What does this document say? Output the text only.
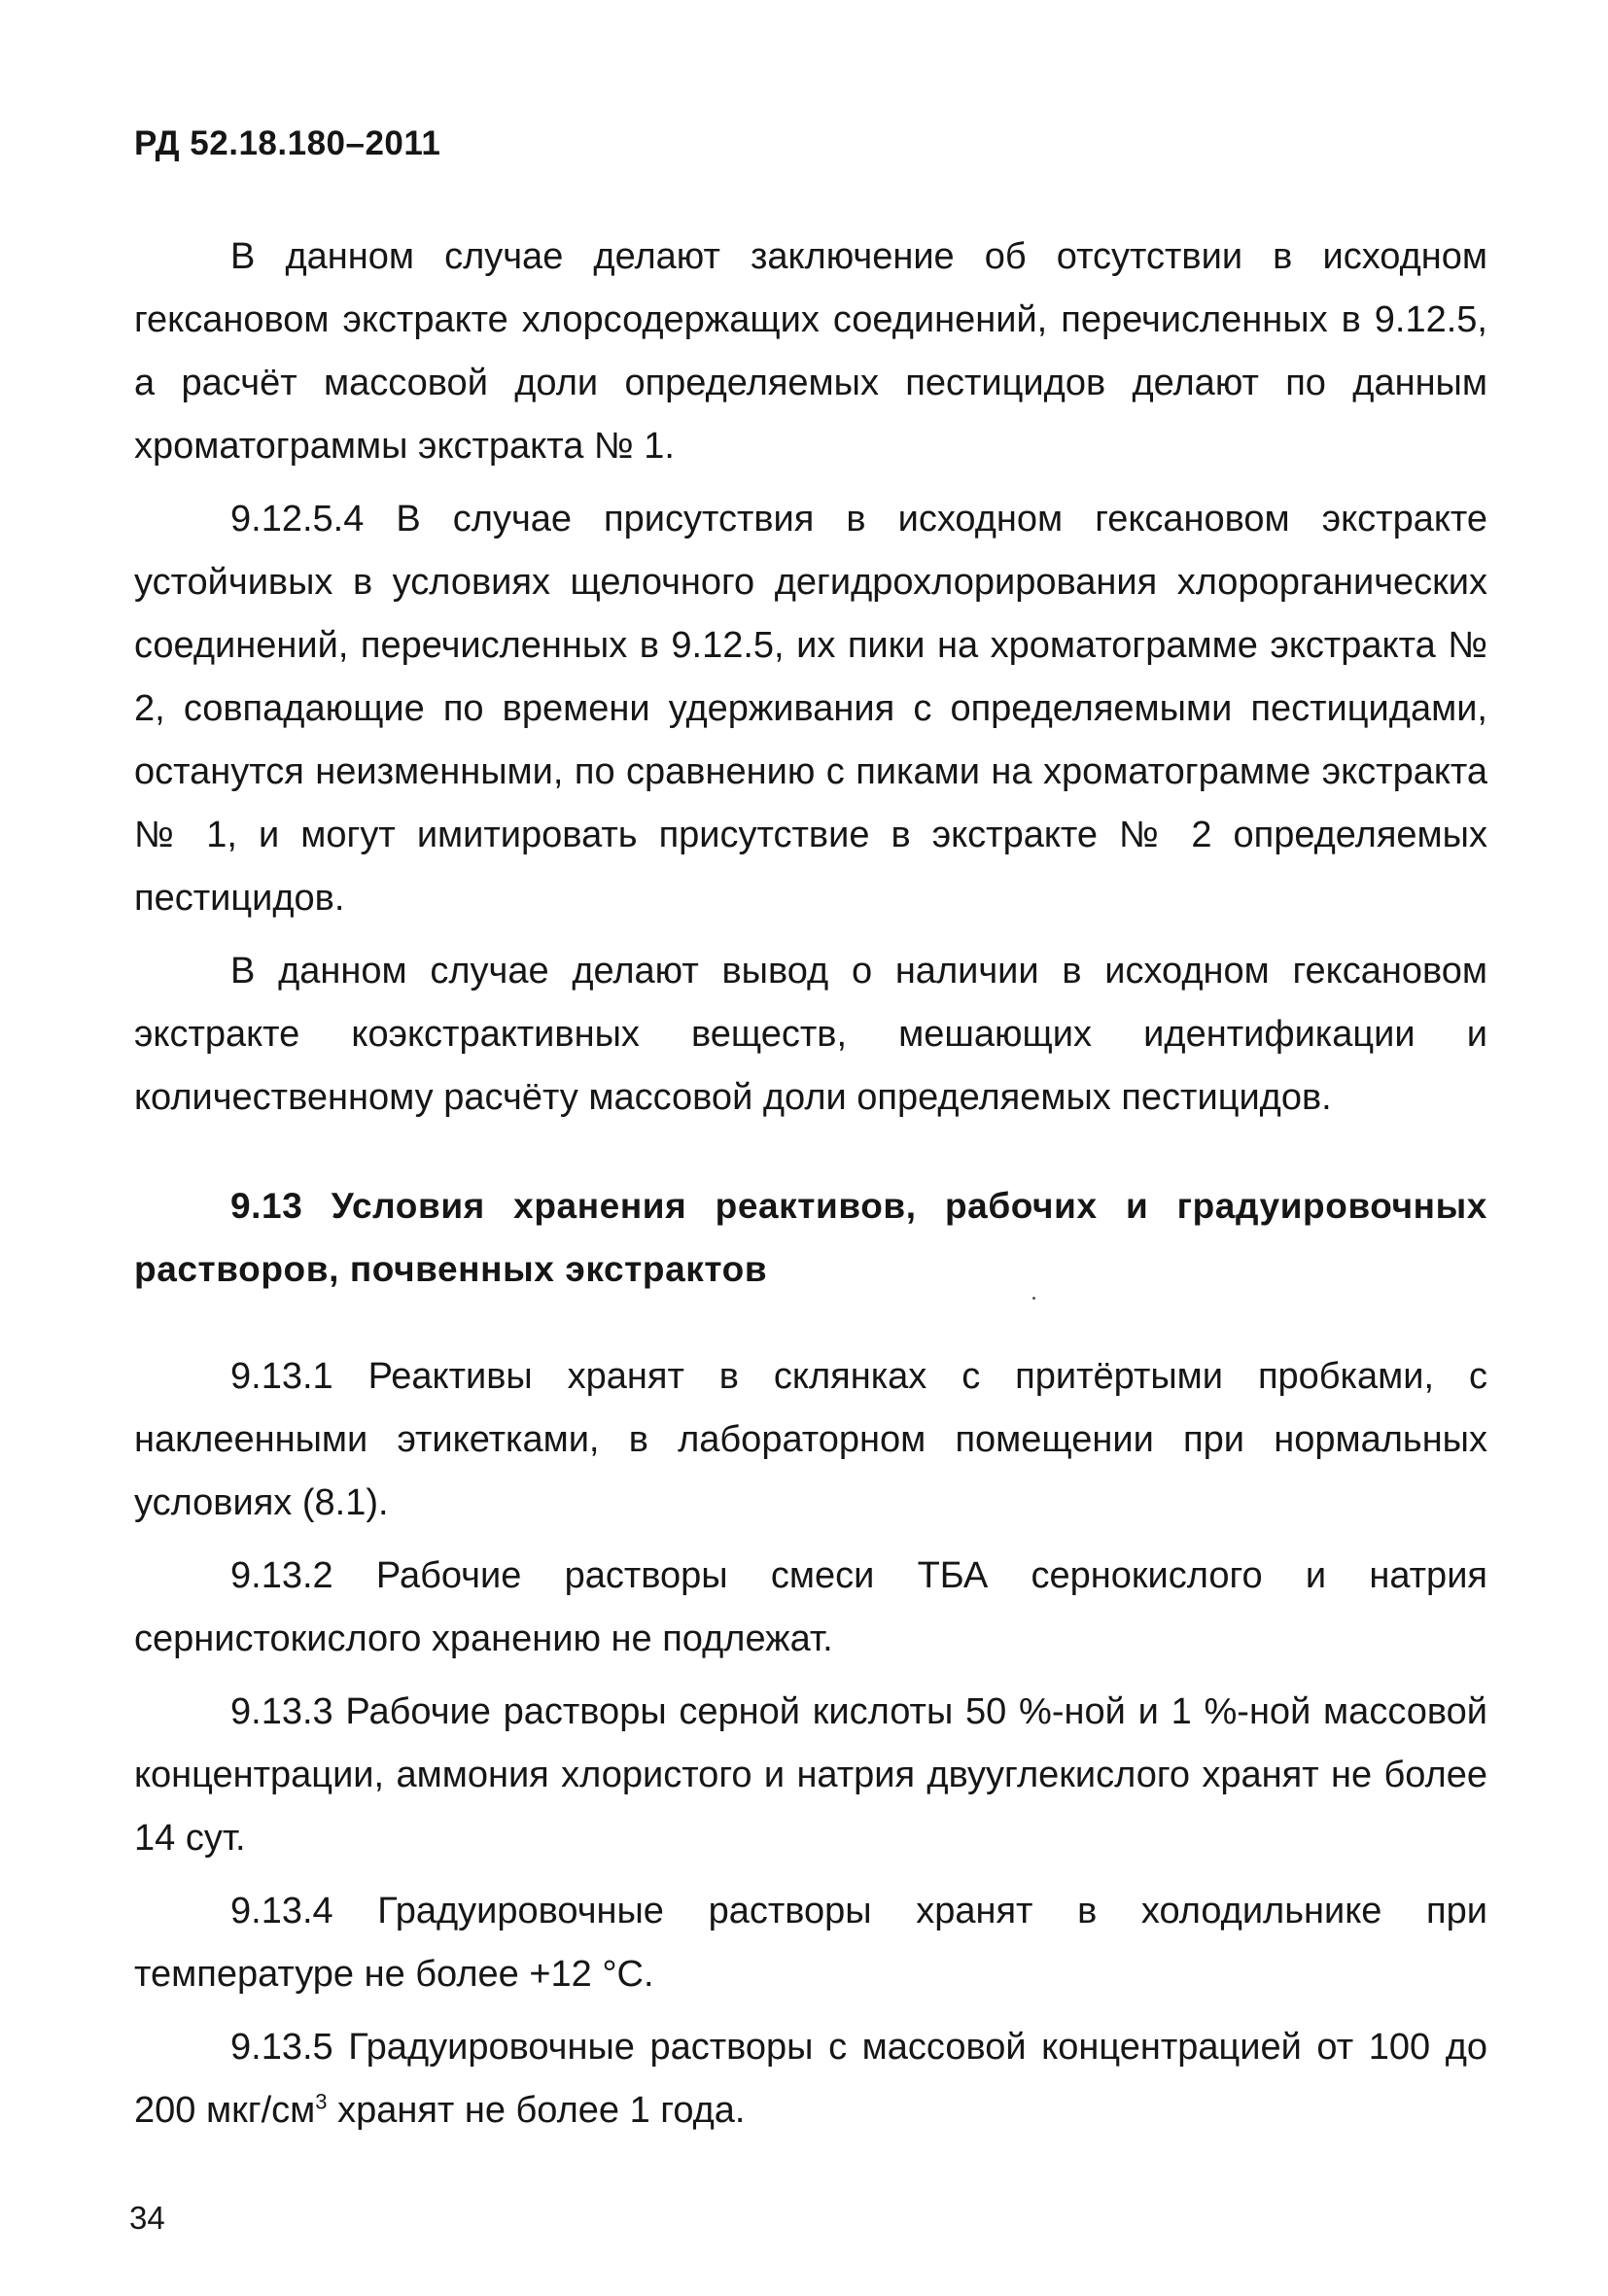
РД 52.18.180–2011

В данном случае делают заключение об отсутствии в исходном гексановом экстракте хлорсодержащих соединений, перечисленных в 9.12.5, а расчёт массовой доли определяемых пестицидов делают по данным хроматограммы экстракта № 1.

9.12.5.4 В случае присутствия в исходном гексановом экстракте устойчивых в условиях щелочного дегидрохлорирования хлорорганических соединений, перечисленных в 9.12.5, их пики на хроматограмме экстракта № 2, совпадающие по времени удерживания с определяемыми пестицидами, останутся неизменными, по сравнению с пиками на хроматограмме экстракта № 1, и могут имитировать присутствие в экстракте № 2 определяемых пестицидов.

В данном случае делают вывод о наличии в исходном гексановом экстракте коэкстрактивных веществ, мешающих идентификации и количественному расчёту массовой доли определяемых пестицидов.

9.13 Условия хранения реактивов, рабочих и градуировочных растворов, почвенных экстрактов

9.13.1 Реактивы хранят в склянках с притёртыми пробками, с наклеенными этикетками, в лабораторном помещении при нормальных условиях (8.1).

9.13.2 Рабочие растворы смеси ТБА сернокислого и натрия сернистокислого хранению не подлежат.

9.13.3 Рабочие растворы серной кислоты 50 %-ной и 1 %-ной массовой концентрации, аммония хлористого и натрия двууглекислого хранят не более 14 сут.

9.13.4 Градуировочные растворы хранят в холодильнике при температуре не более +12 °С.

9.13.5 Градуировочные растворы с массовой концентрацией от 100 до 200 мкг/$см^3$ хранят не более 1 года.

34
